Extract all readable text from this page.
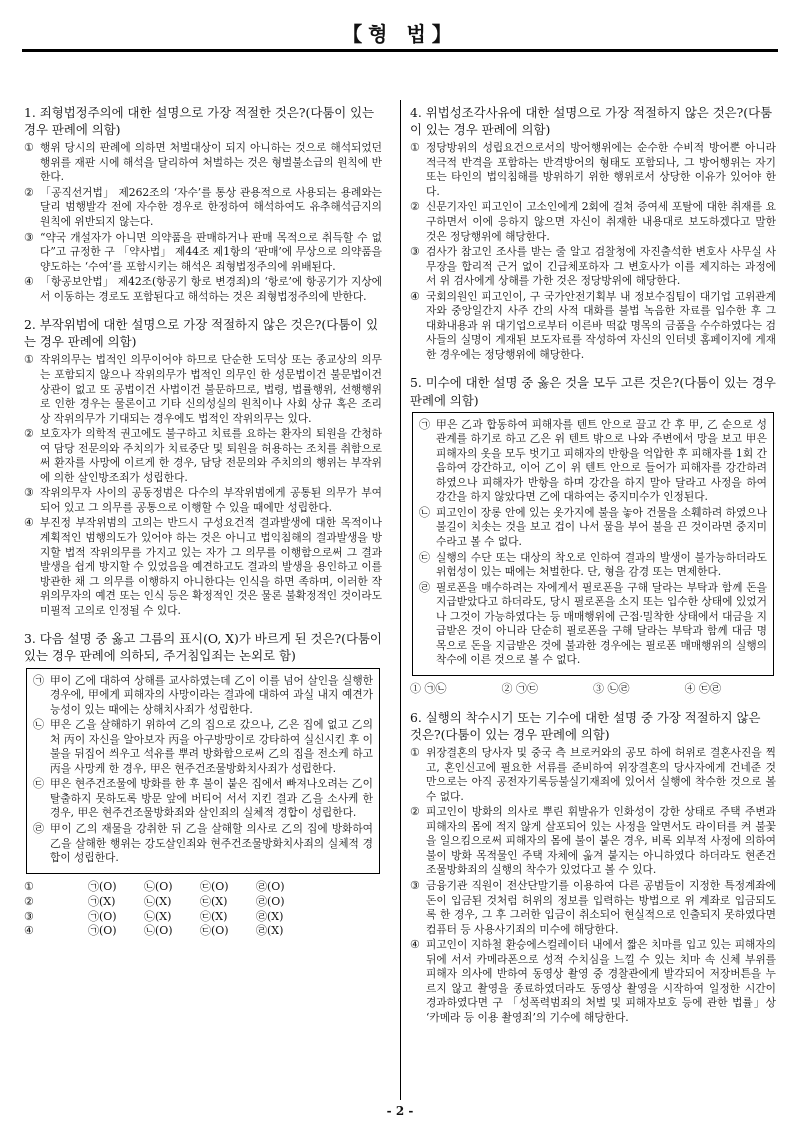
【형 법】
1. 죄형법정주의에 대한 설명으로 가장 적절한 것은?(다툼이 있는 경우 판례에 의함)
① 행위 당시의 판례에 의하면 처벌대상이 되지 아니하는 것으로 해석되었던 행위를 재판 시에 해석을 달리하여 처벌하는 것은 형벌불소급의 원칙에 반한다.
② 「공직선거법」 제262조의 ‘자수’를 통상 관용적으로 사용되는 용례와는 달리 범행발각 전에 자수한 경우로 한정하여 해석하여도 유추해석금지의 원칙에 위반되지 않는다.
③ “약국 개설자가 아니면 의약품을 판매하거나 판매 목적으로 취득할 수 없다”고 규정한 구 「약사법」 제44조 제1항의 ‘판매’에 무상으로 의약품을 양도하는 ‘수여’를 포함시키는 해석은 죄형법정주의에 위배된다.
④ 「항공보안법」 제42조(항공기 항로 변경죄)의 ‘항로’에 항공기가 지상에서 이동하는 경로도 포함된다고 해석하는 것은 죄형법정주의에 반한다.
2. 부작위범에 대한 설명으로 가장 적절하지 않은 것은?(다툼이 있는 경우 판례에 의함)
① 작위의무는 법적인 의무이어야 하므로 단순한 도덕상 또는 종교상의 의무는 포함되지 않으나 작위의무가 법적인 의무인 한 성문법이건 불문법이건 상관이 없고 또 공법이건 사법이건 불문하므로, 법령, 법률행위, 선행행위로 인한 경우는 물론이고 기타 신의성실의 원칙이나 사회 상규 혹은 조리상 작위의무가 기대되는 경우에도 법적인 작위의무는 있다.
② 보호자가 의학적 권고에도 불구하고 치료를 요하는 환자의 퇴원을 간청하여 담당 전문의와 주치의가 치료중단 및 퇴원을 허용하는 조치를 취함으로써 환자를 사망에 이르게 한 경우, 담당 전문의와 주치의의 행위는 부작위에 의한 살인방조죄가 성립한다.
③ 작위의무자 사이의 공동정범은 다수의 부작위범에게 공통된 의무가 부여되어 있고 그 의무를 공통으로 이행할 수 있을 때에만 성립한다.
④ 부진정 부작위범의 고의는 반드시 구성요건적 결과발생에 대한 목적이나 계획적인 범행의도가 있어야 하는 것은 아니고 법익침해의 결과발생을 방지할 법적 작위의무를 가지고 있는 자가 그 의무를 이행함으로써 그 결과발생을 쉽게 방지할 수 있었음을 예견하고도 결과의 발생을 용인하고 이를 방관한 채 그 의무를 이행하지 아니한다는 인식을 하면 족하며, 이러한 작위의무자의 예견 또는 인식 등은 확정적인 것은 물론 불확정적인 것이라도 미필적 고의로 인정될 수 있다.
3. 다음 설명 중 옳고 그름의 표시(O, X)가 바르게 된 것은?(다툼이 있는 경우 판례에 의하되, 주거침입죄는 논외로 함)
㉠ 甲이 乙에 대하여 상해를 교사하였는데 乙이 이를 넘어 살인을 실행한 경우에, 甲에게 피해자의 사망이라는 결과에 대하여 과실 내지 예견가능성이 있는 때에는 상해치사죄가 성립한다.
㉡ 甲은 乙을 살해하기 위하여 乙의 집으로 갔으나, 乙은 집에 없고 乙의 처 丙이 자신을 알아보자 丙을 아구방망이로 강타하여 실신시킨 후 이불을 뒤집어 씌우고 석유를 뿌려 방화함으로써 乙의 집을 전소케 하고 丙을 사망케 한 경우, 甲은 현주건조물방화치사죄가 성립한다.
㉢ 甲은 현주건조물에 방화를 한 후 불이 붙은 집에서 빠져나오려는 乙이 탈출하지 못하도록 방문 앞에 버티어 서서 지킨 결과 乙을 소사케 한 경우, 甲은 현주건조물방화죄와 살인죄의 실체적 경합이 성립한다.
㉣ 甲이 乙의 재물을 강취한 뒤 乙을 살해할 의사로 乙의 집에 방화하여 乙을 살해한 행위는 강도살인죄와 현주건조물방화치사죄의 실체적 경합이 성립한다.
①	㉠(O)	㉡(O)	㉢(O)	㉣(O)
②	㉠(X)	㉡(X)	㉢(X)	㉣(O)
③	㉠(O)	㉡(X)	㉢(X)	㉣(X)
④	㉠(O)	㉡(O)	㉢(O)	㉣(X)
4. 위법성조각사유에 대한 설명으로 가장 적절하지 않은 것은?(다툼이 있는 경우 판례에 의함)
① 정당방위의 성립요건으로서의 방어행위에는 순수한 수비적 방어뿐 아니라 적극적 반격을 포함하는 반격방어의 형태도 포함되나, 그 방어행위는 자기 또는 타인의 법익침해를 방위하기 위한 행위로서 상당한 이유가 있어야 한다.
② 신문기자인 피고인이 고소인에게 2회에 걸쳐 증여세 포탈에 대한 취재를 요구하면서 이에 응하지 않으면 자신이 취재한 내용대로 보도하겠다고 말한 것은 정당행위에 해당한다.
③ 검사가 참고인 조사를 받는 줄 알고 검찰청에 자진출석한 변호사 사무실 사무장을 합리적 근거 없이 긴급체포하자 그 변호사가 이를 제지하는 과정에서 위 검사에게 상해를 가한 것은 정당방위에 해당한다.
④ 국회의원인 피고인이, 구 국가안전기획부 내 정보수집팀이 대기업 고위관계자와 중앙일간지 사주 간의 사적 대화를 불법 녹음한 자료를 입수한 후 그 대화내용과 위 대기업으로부터 이른바 떡값 명목의 금품을 수수하였다는 검사들의 실명이 게재된 보도자료를 작성하여 자신의 인터넷 홈페이지에 게재한 경우에는 정당행위에 해당한다.
5. 미수에 대한 설명 중 옳은 것을 모두 고른 것은?(다툼이 있는 경우 판례에 의함)
㉠ 甲은 乙과 합동하여 피해자를 텐트 안으로 끌고 간 후 甲, 乙 순으로 성관계를 하기로 하고 乙은 위 텐트 밖으로 나와 주변에서 망을 보고 甲은 피해자의 옷을 모두 벗기고 피해자의 반항을 억압한 후 피해자를 1회 간음하여 강간하고, 이어 乙이 위 텐트 안으로 들어가 피해자를 강간하려 하였으나 피해자가 반항을 하며 강간을 하지 말아 달라고 사정을 하여 강간을 하지 않았다면 乙에 대하여는 중지미수가 인정된다.
㉡ 피고인이 장롱 안에 있는 옷가지에 불을 놓아 건물을 소훼하려 하였으나 불길이 치솟는 것을 보고 겁이 나서 물을 부어 불을 끈 것이라면 중지미수라고 볼 수 없다.
㉢ 실행의 수단 또는 대상의 착오로 인하여 결과의 발생이 불가능하더라도 위험성이 있는 때에는 처벌한다. 단, 형을 감경 또는 면제한다.
㉣ 필로폰을 매수하려는 자에게서 필로폰을 구해 달라는 부탁과 함께 돈을 지급받았다고 하더라도, 당시 필로폰을 소지 또는 입수한 상태에 있었거나 그것이 가능하였다는 등 매매행위에 근접·밀착한 상태에서 대금을 지급받은 것이 아니라 단순히 필로폰을 구해 달라는 부탁과 함께 대금 명목으로 돈을 지급받은 것에 불과한 경우에는 필로폰 매매행위의 실행의 착수에 이른 것으로 볼 수 없다.
① ㉠㉡	② ㉠㉢	③ ㉡㉣	④ ㉢㉣
6. 실행의 착수시기 또는 기수에 대한 설명 중 가장 적절하지 않은 것은?(다툼이 있는 경우 판례에 의함)
① 위장결혼의 당사자 및 중국 측 브로커와의 공모 하에 허위로 결혼사진을 찍고, 혼인신고에 필요한 서류를 준비하여 위장결혼의 당사자에게 건네준 것만으로는 아직 공전자기록등불실기재죄에 있어서 실행에 착수한 것으로 볼 수 없다.
② 피고인이 방화의 의사로 뿌린 휘발유가 인화성이 강한 상태로 주택 주변과 피해자의 몸에 적지 않게 살포되어 있는 사정을 알면서도 라이터를 켜 불꽃을 일으킴으로써 피해자의 몸에 불이 붙은 경우, 비록 외부적 사정에 의하여 불이 방화 목적물인 주택 자체에 옮겨 붙지는 아니하였다 하더라도 현존건조물방화죄의 실행의 착수가 있었다고 볼 수 있다.
③ 금융기관 직원이 전산단말기를 이용하여 다른 공범들이 지정한 특정계좌에 돈이 입금된 것처럼 허위의 정보를 입력하는 방법으로 위 계좌로 입금되도록 한 경우, 그 후 그러한 입금이 취소되어 현실적으로 인출되지 못하였다면 컴퓨터 등 사용사기죄의 미수에 해당한다.
④ 피고인이 지하철 환승에스컬레이터 내에서 짧은 치마를 입고 있는 피해자의 뒤에 서서 카메라폰으로 성적 수치심을 느낄 수 있는 치마 속 신체 부위를 피해자 의사에 반하여 동영상 촬영 중 경찰관에게 발각되어 저장버튼을 누르지 않고 촬영을 종료하였더라도 동영상 촬영을 시작하여 일정한 시간이 경과하였다면 구 「성폭력범죄의 처벌 및 피해자보호 등에 관한 법률」상 ‘카메라 등 이용 촬영죄’의 기수에 해당한다.
- 2 -
